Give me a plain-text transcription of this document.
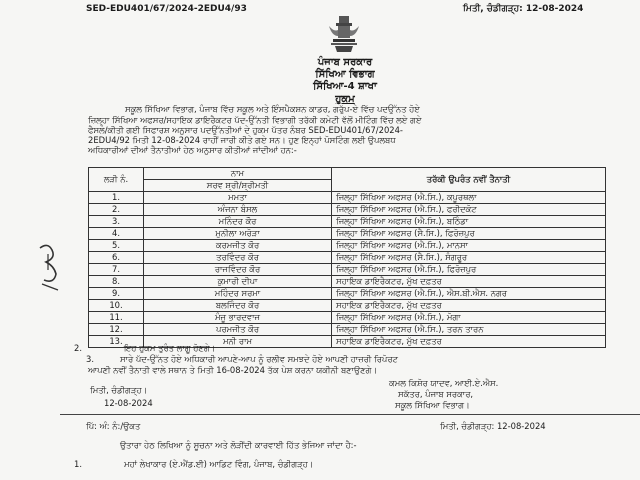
SED-EDU401/67/2024-2EDU4/93	ਮਿਤੀ, ਚੰਡੀਗੜ੍ਹ: 12-08-2024
ਪੰਜਾਬ ਸਰਕਾਰ
ਸਿੱਖਿਆ ਵਿਭਾਗ
ਸਿੱਖਿਆ-4 ਸ਼ਾਖਾ
ਹੁਕਮ
ਸਕੂਲ ਸਿੱਖਿਆ ਵਿਭਾਗ, ਪੰਜਾਬ ਵਿੱਚ ਸਕੂਲ ਅਤੇ ਇੰਸਪੈਕਸ਼ਨ ਕਾਡਰ, ਗਰੁੱਪ-ਏ ਵਿੱਚ ਪਦਉੱਨਤ ਹੋਏ
ਜ਼ਿਲ੍ਹਾ ਸਿੱਖਿਆ ਅਫਸਰ/ਸਹਾਇਕ ਡਾਇਰੈਕਟਰ ਪੱਦ-ਉੱਨਤੀ ਵਿਭਾਗੀ ਤਰੱਕੀ ਕਮੇਟੀ ਵੱਲੋਂ ਮੀਟਿੰਗ ਵਿੱਚ ਲਏ ਗਏ
ਫੈਸਲੇ/ਕੀਤੀ ਗਈ ਸਿਫਾਰਸ਼ ਅਨੁਸਾਰ ਪਦਉੱਨਤੀਆਂ ਦੇ ਹੁਕਮ ਪੱਤਰ ਨੰਬਰ SED-EDU401/67/2024-
2EDU4/92 ਮਿਤੀ 12-08-2024 ਰਾਹੀਂ ਜਾਰੀ ਕੀਤੇ ਗਏ ਸਨ। ਹੁਣ ਇਨ੍ਹਾਂ ਪੋਸਟਿੰਗ ਲਈ ਉਪਲਬਧ
ਅਧਿਕਾਰੀਆਂ ਦੀਆਂ ਤੈਨਾਤੀਆਂ ਹੇਠ ਅਨੁਸਾਰ ਕੀਤੀਆਂ ਜਾਂਦੀਆਂ ਹਨ:-
ਲੜੀ ਨੰ.	ਨਾਮ	ਤਰੱਕੀ ਉਪਰੰਤ ਨਵੀਂ ਤੈਨਾਤੀ
	ਸਰਵ ਸ਼੍ਰੀ/ਸ਼੍ਰੀਮਤੀ	
1.	ਮਮਤਾ	ਜਿਲ੍ਹਾ ਸਿੱਖਿਆ ਅਫਸਰ (ਐ.ਸਿ.), ਕਪੂਰਥਲਾ
2.	ਅੰਜਨਾ ਬੰਸਲ	ਜਿਲ੍ਹਾ ਸਿੱਖਿਆ ਅਫਸਰ (ਐ.ਸਿ.), ਫਰੀਦਕੋਟ
3.	ਮਨਿੰਦਰ ਕੌਰ	ਜਿਲ੍ਹਾ ਸਿੱਖਿਆ ਅਫਸਰ (ਐ.ਸਿ.), ਬਠਿੰਡਾ
4.	ਮੁਨੀਲਾ ਅਰੋੜਾ	ਜਿਲ੍ਹਾ ਸਿੱਖਿਆ ਅਫਸਰ (ਸੈ.ਸਿ.), ਫਿਰੋਜ਼ਪੁਰ
5.	ਕਰਮਜੀਤ ਕੌਰ	ਜਿਲ੍ਹਾ ਸਿੱਖਿਆ ਅਫਸਰ (ਐ.ਸਿ.), ਮਾਨਸਾ
6.	ਤਰਵਿੰਦਰ ਕੌਰ	ਜਿਲ੍ਹਾ ਸਿੱਖਿਆ ਅਫਸਰ (ਸੈ.ਸਿ.), ਸੰਗਰੂਰ
7.	ਰਾਜਵਿੰਦਰ ਕੌਰ	ਜਿਲ੍ਹਾ ਸਿੱਖਿਆ ਅਫਸਰ (ਐ.ਸਿ.), ਫਿਰੋਜ਼ਪੁਰ
8.	ਕੁਮਾਰੀ ਦੀਪਾ	ਸਹਾਇਕ ਡਾਇਰੈਕਟਰ, ਮੁੱਖ ਦਫ਼ਤਰ
9.	ਮਹਿੰਦਰ ਸਰਮਾ	ਜਿਲ੍ਹਾ ਸਿੱਖਿਆ ਅਫਸਰ (ਐ.ਸਿ.), ਐਸ.ਬੀ.ਐਸ. ਨਗਰ
10.	ਬਲਜਿੰਦਰ ਕੌਰ	ਸਹਾਇਕ ਡਾਇਰੈਕਟਰ, ਮੁੱਖ ਦਫ਼ਤਰ
11.	ਮੰਜੂ ਭਾਰਦਵਾਜ	ਜਿਲ੍ਹਾ ਸਿੱਖਿਆ ਅਫਸਰ (ਐ.ਸਿ.), ਮੋਗਾ
12.	ਪਰਮਜੀਤ ਕੌਰ	ਜਿਲ੍ਹਾ ਸਿੱਖਿਆ ਅਫਸਰ (ਐ.ਸਿ.), ਤਰਨ ਤਾਰਨ
13.	ਮਨੀ ਰਾਮ	ਸਹਾਇਕ ਡਾਇਰੈਕਟਰ, ਮੁੱਖ ਦਫ਼ਤਰ
2.	ਇਹ ਹੁਕਮ ਤੁਰੰਤ ਲਾਗੂ ਹੋਣਗੇ।
3.	ਸਾਰੇ ਪੱਦ-ਉੱਨਤ ਹੋਏ ਅਧਿਕਾਰੀ ਆਪਣੇ-ਆਪ ਨੂੰ ਰਲੀਵ ਸਮਝਦੇ ਹੋਏ ਆਪਣੀ ਹਾਜ਼ਰੀ ਰਿਪੋਰਟ
ਆਪਣੀ ਨਵੀਂ ਤੈਨਾਤੀ ਵਾਲੇ ਸਥਾਨ ਤੇ ਮਿਤੀ 16-08-2024 ਤੱਕ ਪੇਸ਼ ਕਰਨਾ ਯਕੀਨੀ ਬਣਾਉਣਗੇ।
ਮਿਤੀ, ਚੰਡੀਗੜ੍ਹ।
12-08-2024
ਕਮਲ ਕਿਸ਼ੋਰ ਯਾਦਵ, ਆਈ.ਏ.ਐਸ.
ਸਕੱਤਰ, ਪੰਜਾਬ ਸਰਕਾਰ,
ਸਕੂਲ ਸਿੱਖਿਆ ਵਿਭਾਗ।
ਪਿੱ: ਅੰ: ਨੰ:/ਉਕਤ	ਮਿਤੀ, ਚੰਡੀਗੜ੍ਹ: 12-08-2024
ਉਤਾਰਾ ਹੇਠ ਲਿਖਿਆ ਨੂੰ ਸੂਚਨਾ ਅਤੇ ਲੋੜੀਂਦੀ ਕਾਰਵਾਈ ਹਿੱਤ ਭੇਜਿਆ ਜਾਂਦਾ ਹੈ:-
1.	ਮਹਾਂ ਲੇਖਾਕਾਰ (ਏ.ਐਂਡ.ਈ) ਆਡਿਟ ਵਿੰਗ, ਪੰਜਾਬ, ਚੰਡੀਗੜ੍ਹ।
